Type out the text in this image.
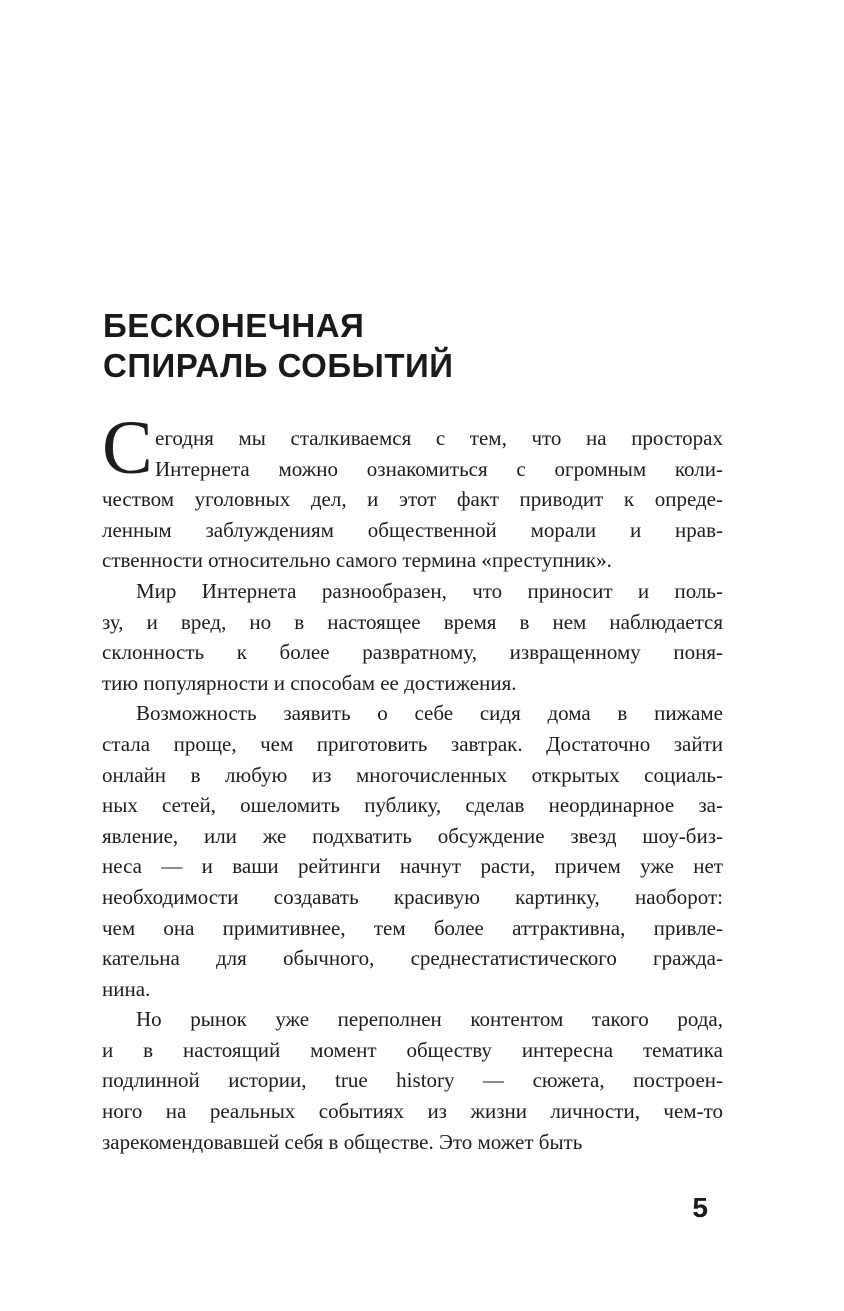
БЕСКОНЕЧНАЯ
СПИРАЛЬ СОБЫТИЙ
С егодня мы сталкиваемся с тем, что на просторах
Интернета можно ознакомиться с огромным коли-
чеством уголовных дел, и этот факт приводит к опреде-
ленным заблуждениям общественной морали и нрав-
ственности относительно самого термина «преступник».
Мир Интернета разнообразен, что приносит и поль-
зу, и вред, но в настоящее время в нем наблюдается
склонность к более развратному, извращенному поня-
тию популярности и способам ее достижения.
Возможность заявить о себе сидя дома в пижаме
стала проще, чем приготовить завтрак. Достаточно зайти
онлайн в любую из многочисленных открытых социаль-
ных сетей, ошеломить публику, сделав неординарное за-
явление, или же подхватить обсуждение звезд шоу-биз-
неса — и ваши рейтинги начнут расти, причем уже нет
необходимости создавать красивую картинку, наоборот:
чем она примитивнее, тем более аттрактивна, привле-
кательна для обычного, среднестатистического гражда-
нина.
Но рынок уже переполнен контентом такого рода,
и в настоящий момент обществу интересна тематика
подлинной истории, true history — сюжета, построен-
ного на реальных событиях из жизни личности, чем-то
зарекомендовавшей себя в обществе. Это может быть
5
